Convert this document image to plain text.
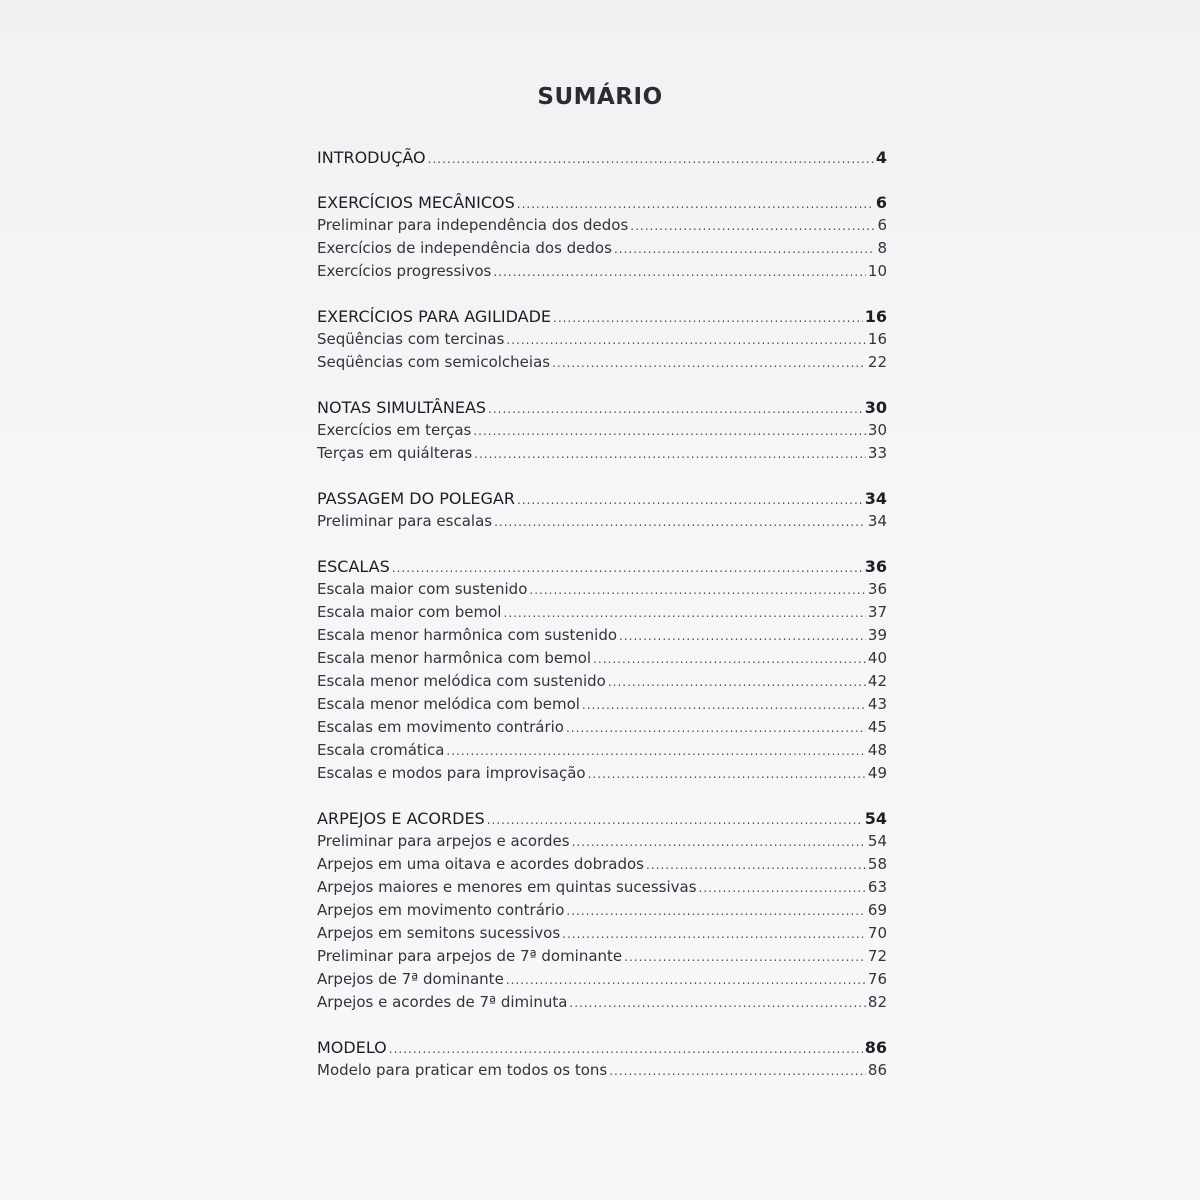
SUMÁRIO
INTRODUÇÃO .....	4
EXERCÍCIOS MECÂNICOS .....	6
Preliminar para independência dos dedos .....	6
Exercícios de independência dos dedos .....	8
Exercícios progressivos .....	10
EXERCÍCIOS PARA AGILIDADE .....	16
Seqüências com tercinas .....	16
Seqüências com semicolcheias .....	22
NOTAS SIMULTÂNEAS .....	30
Exercícios em terças .....	30
Terças em quiálteras .....	33
PASSAGEM DO POLEGAR .....	34
Preliminar para escalas .....	34
ESCALAS .....	36
Escala maior com sustenido .....	36
Escala maior com bemol .....	37
Escala menor harmônica com sustenido .....	39
Escala menor harmônica com bemol .....	40
Escala menor melódica com sustenido .....	42
Escala menor melódica com bemol .....	43
Escalas em movimento contrário .....	45
Escala cromática .....	48
Escalas e modos para improvisação .....	49
ARPEJOS E ACORDES .....	54
Preliminar para arpejos e acordes .....	54
Arpejos em uma oitava e acordes dobrados .....	58
Arpejos maiores e menores em quintas sucessivas .....	63
Arpejos em movimento contrário .....	69
Arpejos em semitons sucessivos .....	70
Preliminar para arpejos de 7ª dominante .....	72
Arpejos de 7ª dominante .....	76
Arpejos e acordes de 7ª diminuta .....	82
MODELO .....	86
Modelo para praticar em todos os tons .....	86
